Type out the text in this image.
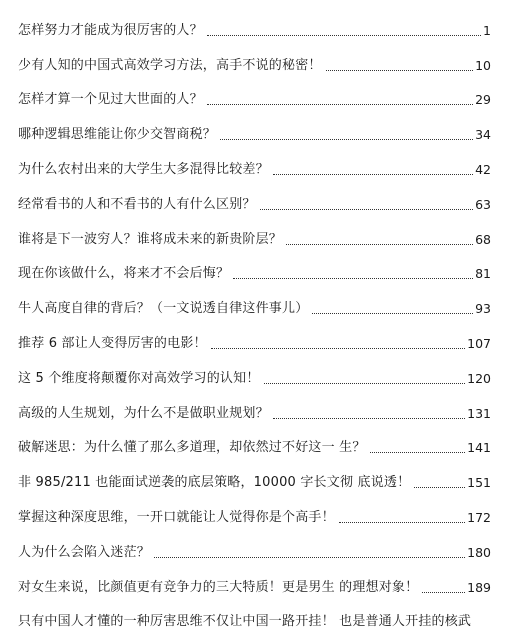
怎样努力才能成为很厉害的人？	1
少有人知的中国式高效学习方法，高手不说的秘密！	10
怎样才算一个见过大世面的人？	29
哪种逻辑思维能让你少交智商税？	34
为什么农村出来的大学生大多混得比较差？	42
经常看书的人和不看书的人有什么区别？	63
谁将是下一波穷人？谁将成未来的新贵阶层？	68
现在你该做什么，将来才不会后悔？	81
牛人高度自律的背后？（一文说透自律这件事儿）	93
推荐 6 部让人变得厉害的电影！	107
这 5 个维度将颠覆你对高效学习的认知！	120
高级的人生规划，为什么不是做职业规划？	131
破解迷思：为什么懂了那么多道理，却依然过不好这一 生？	141
非 985/211 也能面试逆袭的底层策略，10000 字长文彻 底说透！	151
掌握这种深度思维，一开口就能让人觉得你是个高手！	172
人为什么会陷入迷茫？	180
对女生来说，比颜值更有竞争力的三大特质！更是男生 的理想对象！	189
只有中国人才懂的一种厉害思维不仅让中国一路开挂！ 也是普通人开挂的核武
